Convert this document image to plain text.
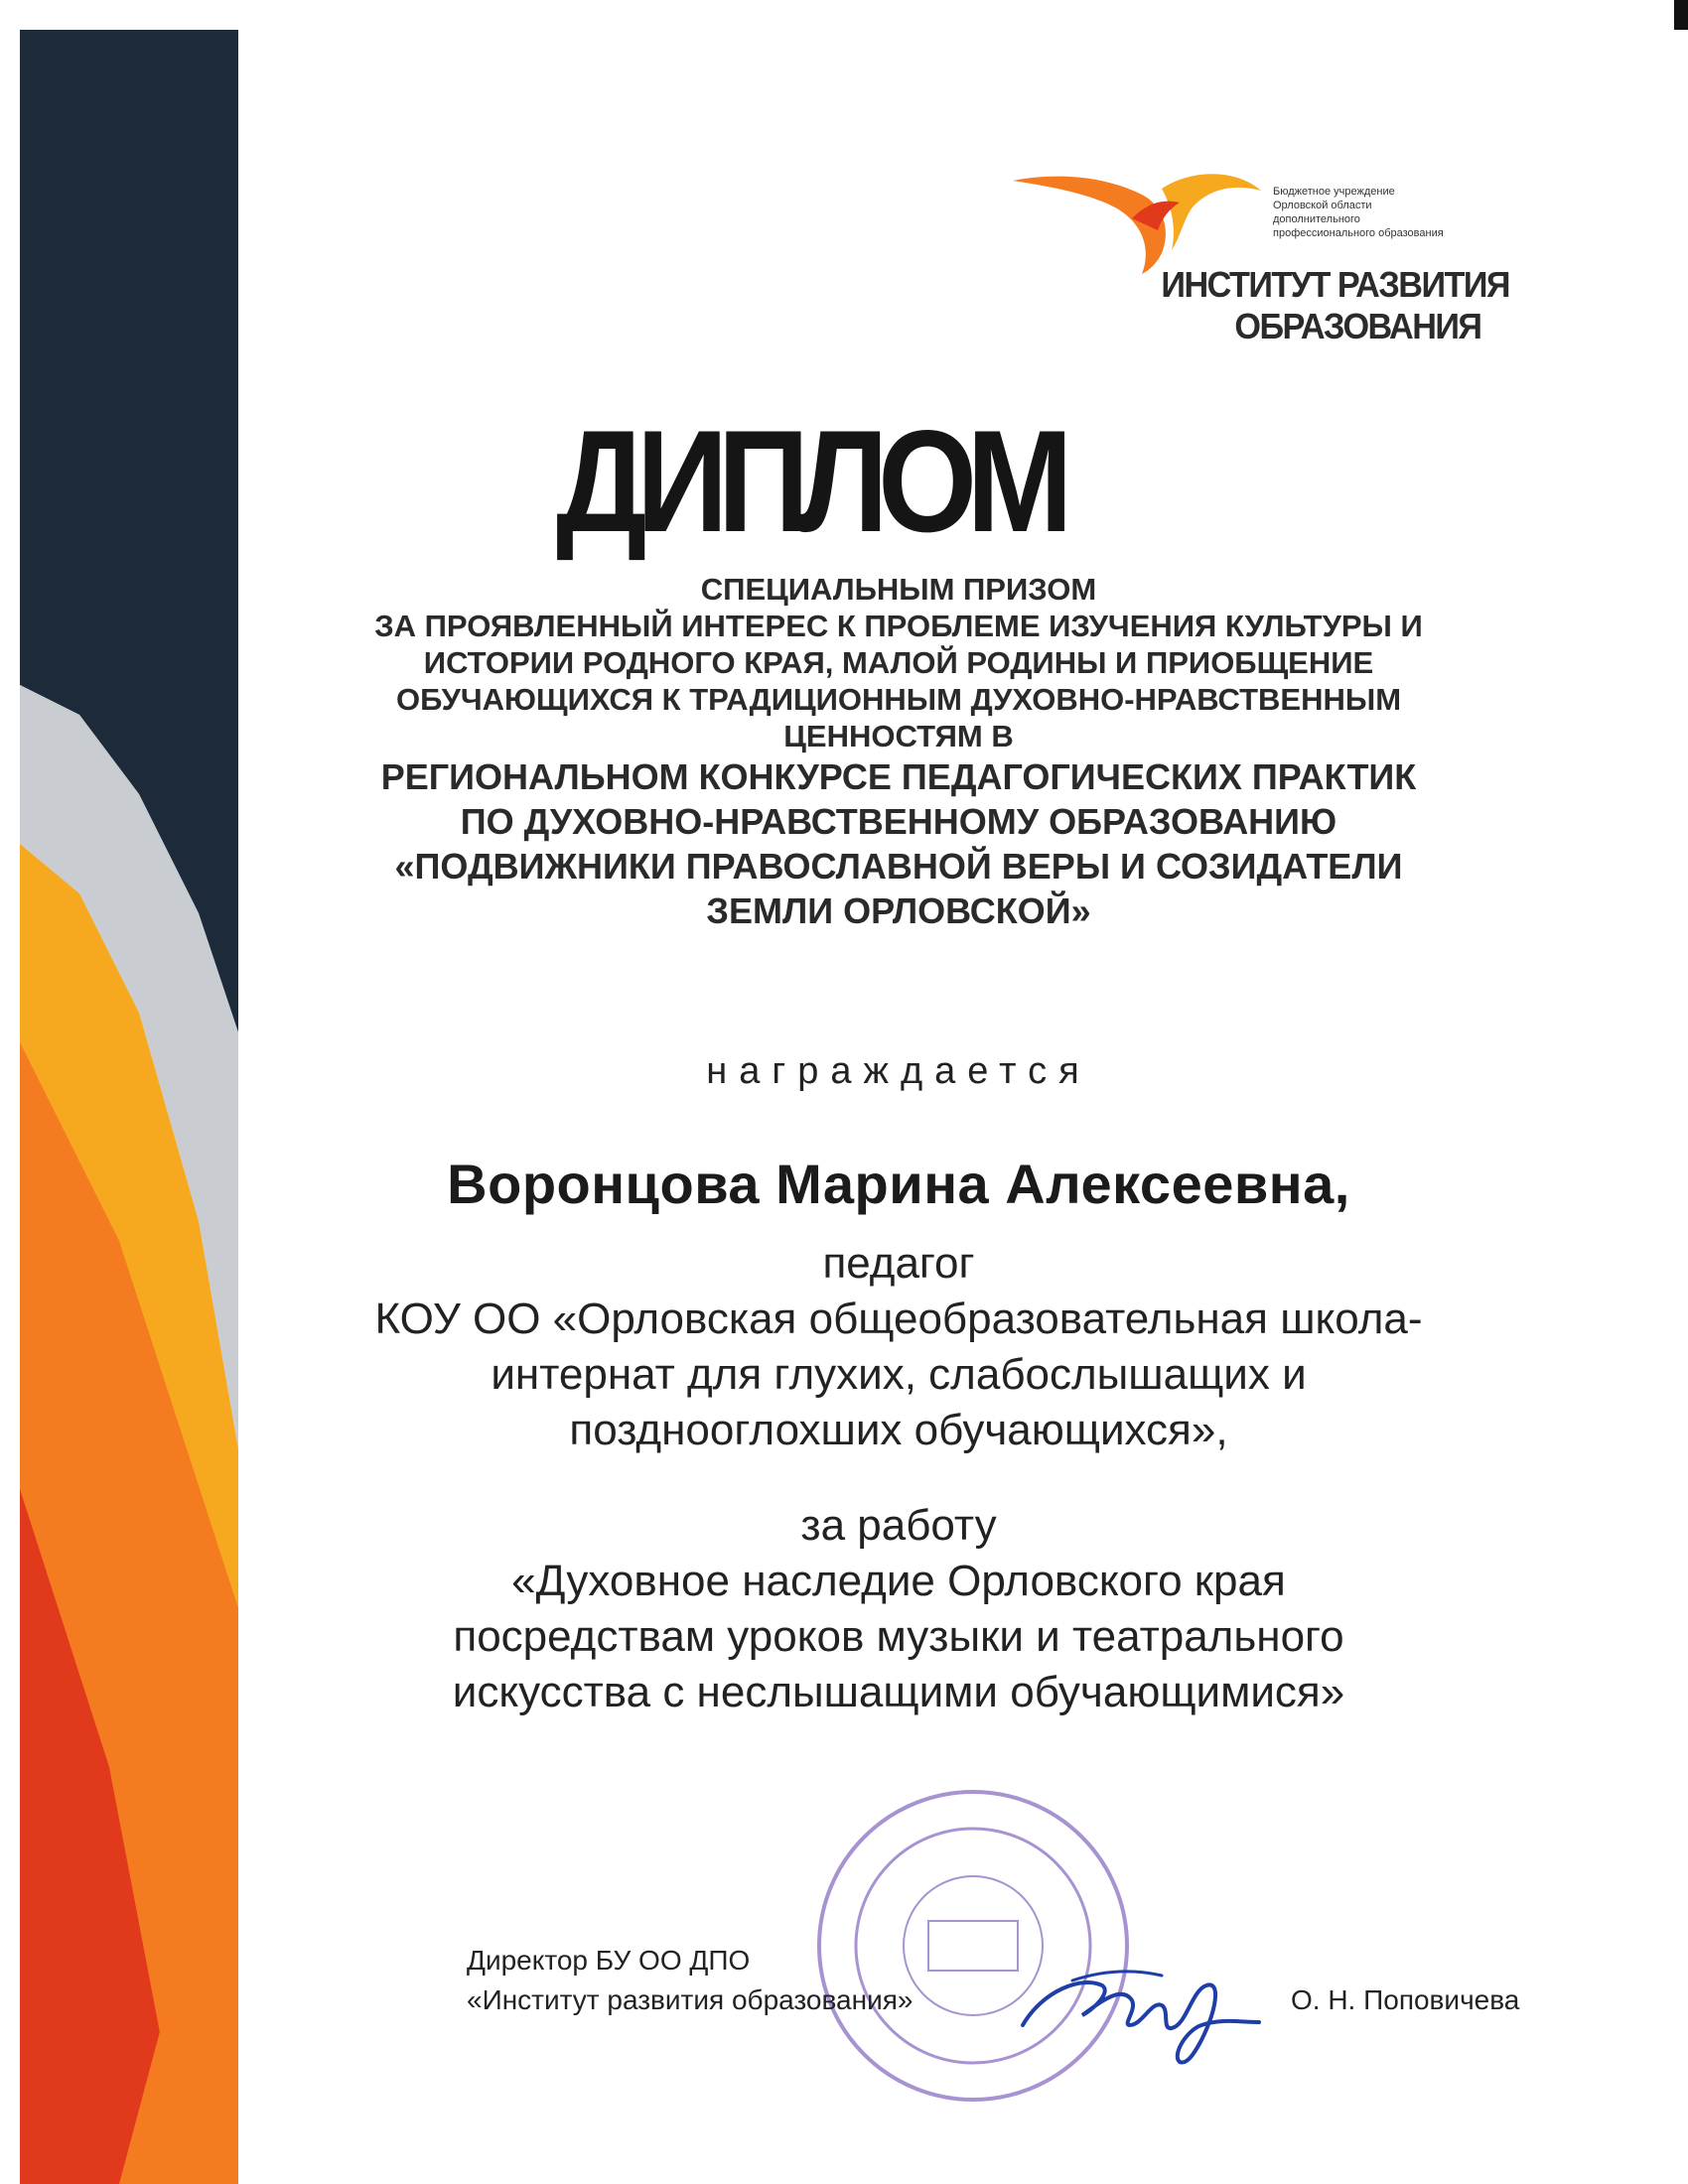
Бюджетное учреждение
Орловской области
дополнительного
профессионального образования
ИНСТИТУТ РАЗВИТИЯ
ОБРАЗОВАНИЯ
ДИПЛОМ
СПЕЦИАЛЬНЫМ ПРИЗОМ
ЗА ПРОЯВЛЕННЫЙ ИНТЕРЕС К ПРОБЛЕМЕ ИЗУЧЕНИЯ КУЛЬТУРЫ И
ИСТОРИИ РОДНОГО КРАЯ, МАЛОЙ РОДИНЫ И ПРИОБЩЕНИЕ
ОБУЧАЮЩИХСЯ К ТРАДИЦИОННЫМ ДУХОВНО-НРАВСТВЕННЫМ
ЦЕННОСТЯМ В
РЕГИОНАЛЬНОМ КОНКУРСЕ ПЕДАГОГИЧЕСКИХ ПРАКТИК
ПО ДУХОВНО-НРАВСТВЕННОМУ ОБРАЗОВАНИЮ
«ПОДВИЖНИКИ ПРАВОСЛАВНОЙ ВЕРЫ И СОЗИДАТЕЛИ
ЗЕМЛИ ОРЛОВСКОЙ»
награждается
Воронцова Марина Алексеевна,
педагог
КОУ ОО «Орловская общеобразовательная школа-
интернат для глухих, слабослышащих и
позднооглохших обучающихся»,
за работу
«Духовное наследие Орловского края
посредствам уроков музыки и театрального
искусства с неслышащими обучающимися»
Директор БУ ОО ДПО
«Институт развития образования»	О. Н. Поповичева
